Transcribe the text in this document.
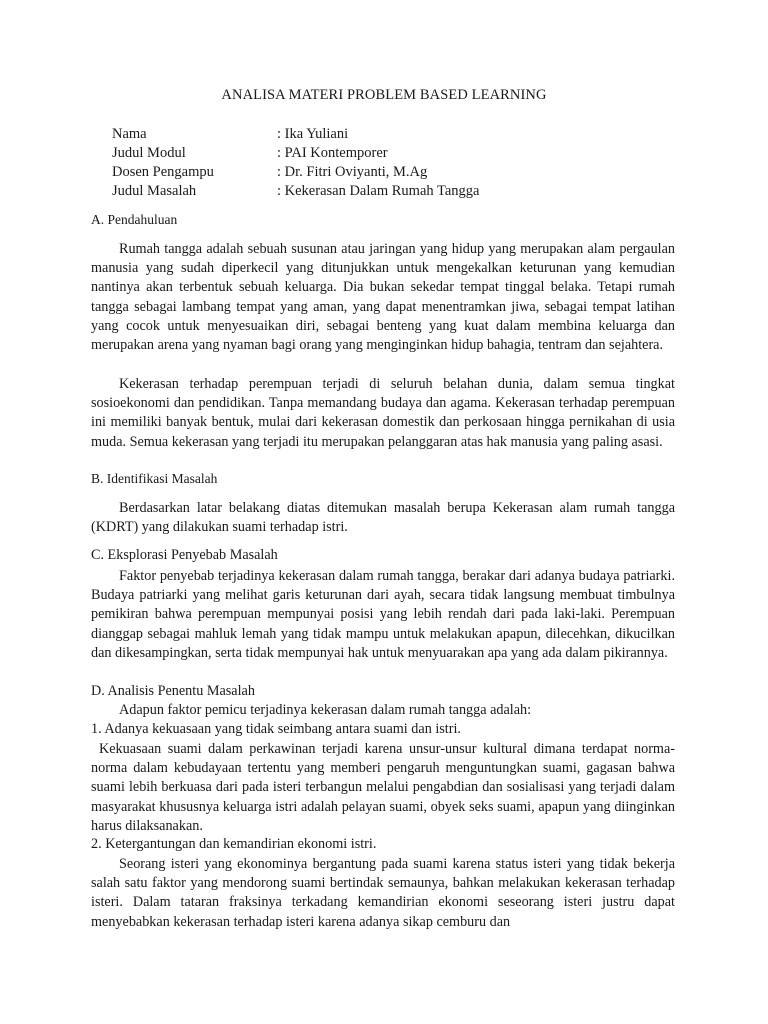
ANALISA MATERI PROBLEM BASED LEARNING
Nama	: Ika Yuliani
Judul Modul	: PAI Kontemporer
Dosen Pengampu	: Dr. Fitri Oviyanti, M.Ag
Judul Masalah	: Kekerasan Dalam Rumah Tangga
A. Pendahuluan
Rumah tangga adalah sebuah susunan atau jaringan yang hidup yang merupakan alam pergaulan manusia yang sudah diperkecil yang ditunjukkan untuk mengekalkan keturunan yang kemudian nantinya akan terbentuk sebuah keluarga. Dia bukan sekedar tempat tinggal belaka. Tetapi rumah tangga sebagai lambang tempat yang aman, yang dapat menentramkan jiwa, sebagai tempat latihan yang cocok untuk menyesuaikan diri, sebagai benteng yang kuat dalam membina keluarga dan merupakan arena yang nyaman bagi orang yang menginginkan hidup bahagia, tentram dan sejahtera.
Kekerasan terhadap perempuan terjadi di seluruh belahan dunia, dalam semua tingkat sosioekonomi dan pendidikan. Tanpa memandang budaya dan agama. Kekerasan terhadap perempuan ini memiliki banyak bentuk, mulai dari kekerasan domestik dan perkosaan hingga pernikahan di usia muda. Semua kekerasan yang terjadi itu merupakan pelanggaran atas hak manusia yang paling asasi.
B. Identifikasi Masalah
Berdasarkan latar belakang diatas ditemukan masalah berupa Kekerasan alam rumah tangga (KDRT) yang dilakukan suami terhadap istri.
C. Eksplorasi Penyebab Masalah
Faktor penyebab terjadinya kekerasan dalam rumah tangga, berakar dari adanya budaya patriarki. Budaya patriarki yang melihat garis keturunan dari ayah, secara tidak langsung membuat timbulnya pemikiran bahwa perempuan mempunyai posisi yang lebih rendah dari pada laki-laki. Perempuan dianggap sebagai mahluk lemah yang tidak mampu untuk melakukan apapun, dilecehkan, dikucilkan dan dikesampingkan, serta tidak mempunyai hak untuk menyuarakan apa yang ada dalam pikirannya.
D. Analisis Penentu Masalah
Adapun faktor pemicu terjadinya kekerasan dalam rumah tangga adalah:
1. Adanya kekuasaan yang tidak seimbang antara suami dan istri.
Kekuasaan suami dalam perkawinan terjadi karena unsur-unsur kultural dimana terdapat norma-norma dalam kebudayaan tertentu yang memberi pengaruh menguntungkan suami, gagasan bahwa suami lebih berkuasa dari pada isteri terbangun melalui pengabdian dan sosialisasi yang terjadi dalam masyarakat khususnya keluarga istri adalah pelayan suami, obyek seks suami, apapun yang diinginkan harus dilaksanakan.
2. Ketergantungan dan kemandirian ekonomi istri.
Seorang isteri yang ekonominya bergantung pada suami karena status isteri yang tidak bekerja salah satu faktor yang mendorong suami bertindak semaunya, bahkan melakukan kekerasan terhadap isteri. Dalam tataran fraksinya terkadang kemandirian ekonomi seseorang isteri justru dapat menyebabkan kekerasan terhadap isteri karena adanya sikap cemburu dan
